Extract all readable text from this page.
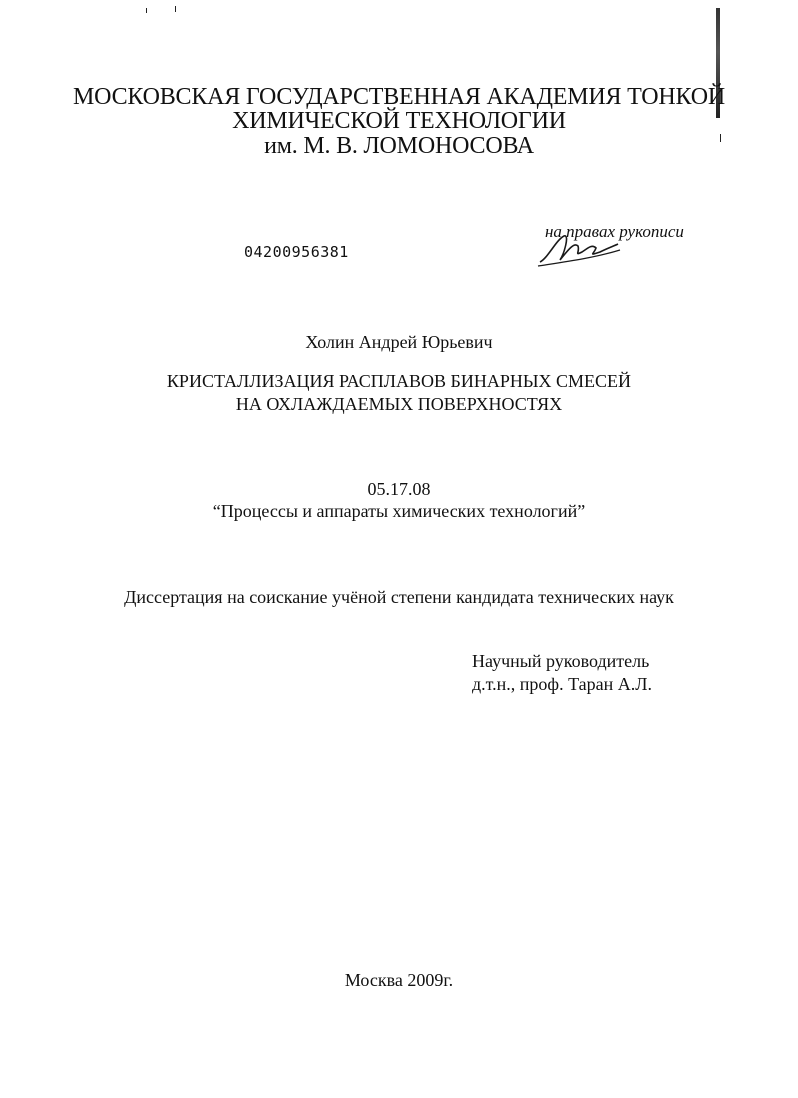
МОСКОВСКАЯ ГОСУДАРСТВЕННАЯ АКАДЕМИЯ ТОНКОЙ

ХИМИЧЕСКОЙ ТЕХНОЛОГИИ

им. М. В. ЛОМОНОСОВА

04200956381

на правах рукописи

Холин Андрей Юрьевич

КРИСТАЛЛИЗАЦИЯ РАСПЛАВОВ БИНАРНЫХ СМЕСЕЙ

НА ОХЛАЖДАЕМЫХ ПОВЕРХНОСТЯХ

05.17.08

“Процессы и аппараты химических технологий”

Диссертация на соискание учёной степени кандидата технических наук

Научный руководитель

д.т.н., проф. Таран А.Л.

Москва 2009г.
